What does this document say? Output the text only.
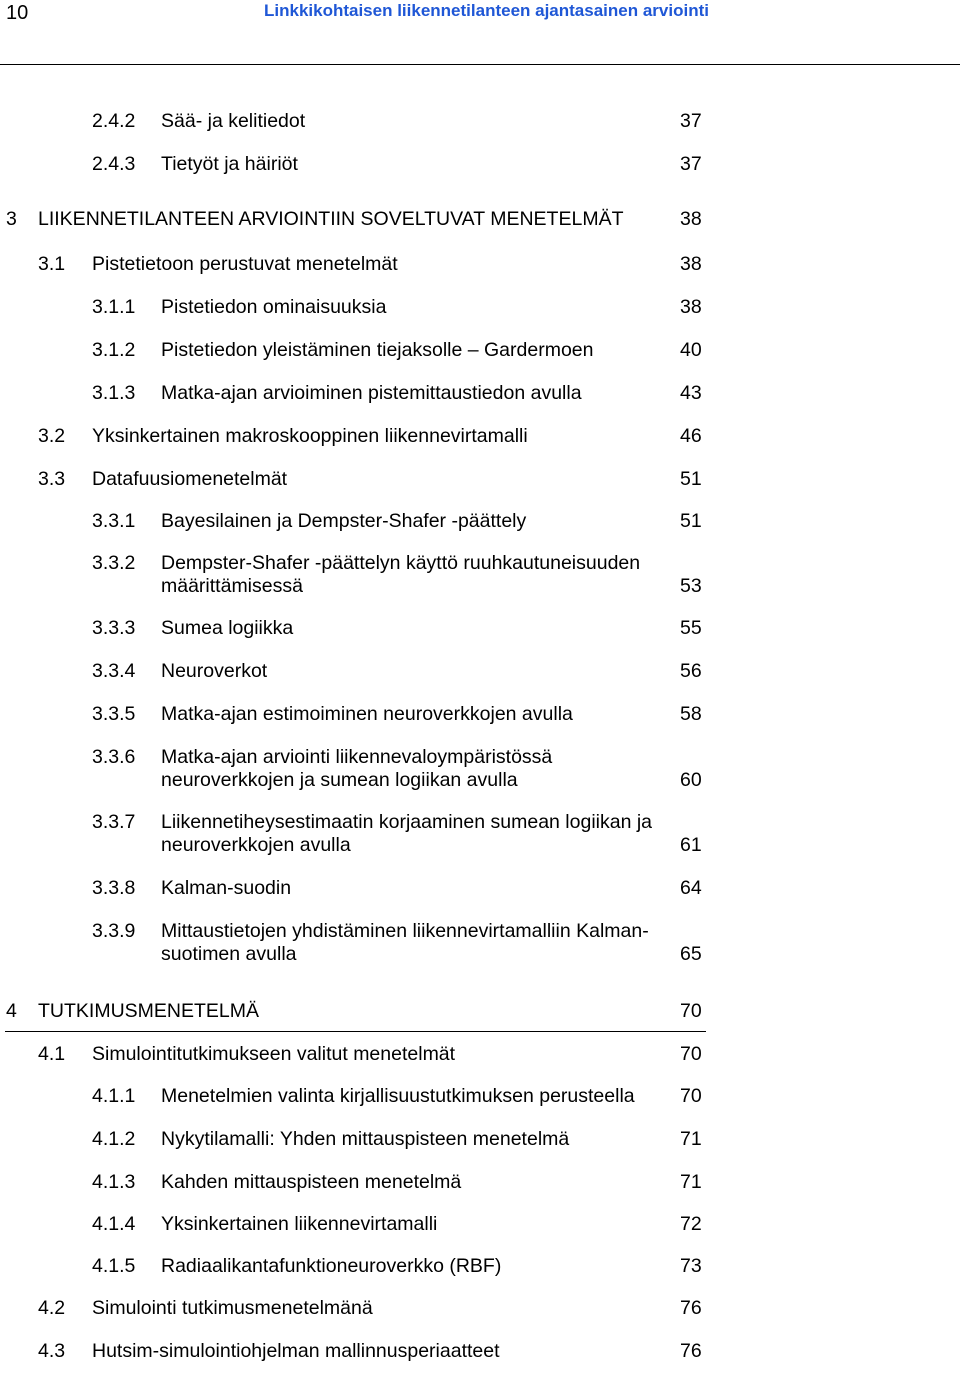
10	Linkkikohtaisen liikennetilanteen ajantasainen arviointi
2.4.2 Sää- ja kelitiedot	37
2.4.3 Tietyöt ja häiriöt	37
3 LIIKENNETILANTEEN ARVIOINTIIN SOVELTUVAT MENETELMÄT	38
3.1 Pistetietoon perustuvat menetelmät	38
3.1.1 Pistetiedon ominaisuuksia	38
3.1.2 Pistetiedon yleistäminen tiejaksolle – Gardermoen	40
3.1.3 Matka-ajan arvioiminen pistemittaustiedon avulla	43
3.2 Yksinkertainen makroskooppinen liikennevirtamalli	46
3.3 Datafuusiomenetelmät	51
3.3.1 Bayesilainen ja Dempster-Shafer -päättely	51
3.3.2 Dempster-Shafer -päättelyn käyttö ruuhkautuneisuuden
määrittämisessä	53
3.3.3 Sumea logiikka	55
3.3.4 Neuroverkot	56
3.3.5 Matka-ajan estimoiminen neuroverkkojen avulla	58
3.3.6 Matka-ajan arviointi liikennevaloympäristössä
neuroverkkojen ja sumean logiikan avulla	60
3.3.7 Liikennetiheysestimaatin korjaaminen sumean logiikan ja
neuroverkkojen avulla	61
3.3.8 Kalman-suodin	64
3.3.9 Mittaustietojen yhdistäminen liikennevirtamalliin Kalman-
suotimen avulla	65
4 TUTKIMUSMENETELMÄ	70
4.1 Simulointitutkimukseen valitut menetelmät	70
4.1.1 Menetelmien valinta kirjallisuustutkimuksen perusteella 70
4.1.2 Nykytilamalli: Yhden mittauspisteen menetelmä	71
4.1.3 Kahden mittauspisteen menetelmä	71
4.1.4 Yksinkertainen liikennevirtamalli	72
4.1.5 Radiaalikantafunktioneuroverkko (RBF)	73
4.2 Simulointi tutkimusmenetelmänä	76
4.3 Hutsim-simulointiohjelman mallinnusperiaatteet	76
